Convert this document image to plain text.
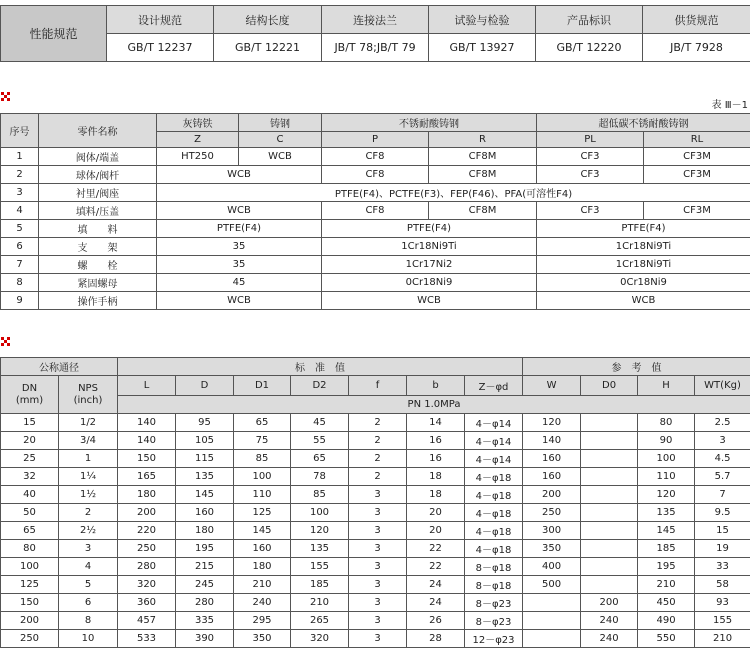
性能规范	设计规范	结构长度	连接法兰	试验与检验	产品标识	供货规范
	GB/T 12237	GB/T 12221	JB/T 78;JB/T 79	GB/T 13927	GB/T 12220	JB/T 7928
表 Ⅲ－1
序号	零件名称	灰铸铁	铸钢	不锈耐酸铸钢		超低碳不锈耐酸铸钢	
		Z	C	P	R	PL	RL
1	阀体/端盖	HT250	WCB	CF8	CF8M	CF3	CF3M
2	球体/阀杆	WCB		CF8	CF8M	CF3	CF3M
3	衬里/阀座	PTFE(F4)、PCTFE(F3)、FEP(F46)、PFA(可溶性F4)					
4	填料/压盖	WCB		CF8	CF8M	CF3	CF3M
5	填　　料	PTFE(F4)		PTFE(F4)		PTFE(F4)	
6	支　　架	35		1Cr18Ni9Ti		1Cr18Ni9Ti	
7	螺　　栓	35		1Cr17Ni2		1Cr18Ni9Ti	
8	紧固螺母	45		0Cr18Ni9		0Cr18Ni9	
9	操作手柄	WCB		WCB		WCB	
公称通径		标　准　值							参　考　值			

DN
(mm)	NPS
(inch)	L	D	D1	D2	f	b	Z－φd	W	D0	H	WT(Kg)
		PN 1.0MPa										
15	1/2	140	95	65	45	2	14	4－φ14	120		80	2.5
20	3/4	140	105	75	55	2	16	4－φ14	140		90	3
25	1	150	115	85	65	2	16	4－φ14	160		100	4.5
32	1¼	165	135	100	78	2	18	4－φ18	160		110	5.7
40	1½	180	145	110	85	3	18	4－φ18	200		120	7
50	2	200	160	125	100	3	20	4－φ18	250		135	9.5
65	2½	220	180	145	120	3	20	4－φ18	300		145	15
80	3	250	195	160	135	3	22	4－φ18	350		185	19
100	4	280	215	180	155	3	22	8－φ18	400		195	33
125	5	320	245	210	185	3	24	8－φ18	500		210	58
150	6	360	280	240	210	3	24	8－φ23		200	450	93
200	8	457	335	295	265	3	26	8－φ23		240	490	155
250	10	533	390	350	320	3	28	12－φ23		240	550	210
